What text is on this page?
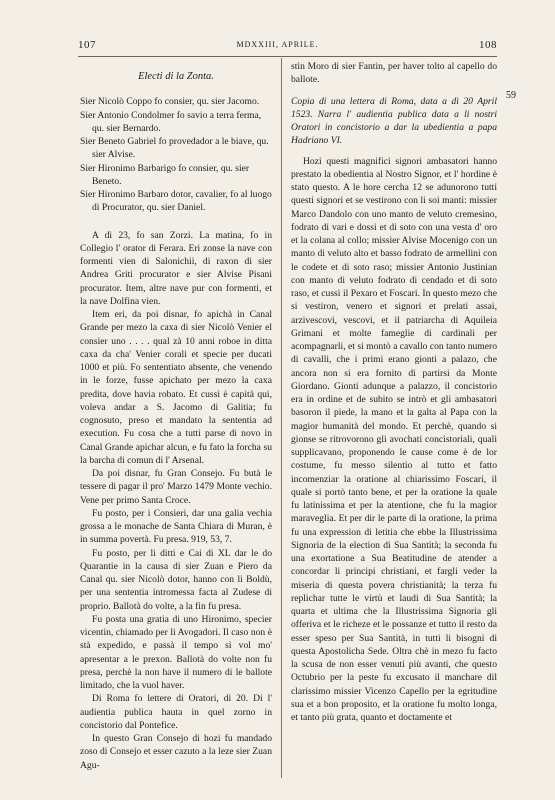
107	MDXXIII, APRILE.	108
59

Electi di la Zonta.

Sier Nicolò Coppo fo consier, qu. sier Jacomo.

Sier Antonio Condolmer fo savio a terra ferma, qu. sier Bernardo.

Sier Beneto Gabriel fo provedador a le biave, qu. sier Alvise.

Sier Hironimo Barbarigo fo consier, qu. sier Beneto.

Sier Hironimo Barbaro dotor, cavalier, fo al luogo di Procurator, qu. sier Daniel.

A dì 23, fo san Zorzi. La matina, fo in Collegio l' orator di Ferara. Eri zonse la nave con formenti vien di Salonichii, di raxon di sier Andrea Griti procurator e sier Alvise Pisani procurator. Item, altre nave pur con formenti, et la nave Dolfina vien.

Item eri, da poi disnar, fo apichà in Canal Grande per mezo la caxa di sier Nicolò Venier el consier uno . . . . qual zà 10 anni roboe in ditta caxa da cha' Venier corali et specie per ducati 1000 et più. Fo sententiato absente, che venendo in le forze, fusse apichato per mezo la caxa predita, dove havia robato. Et cussì è capità qui, voleva andar a S. Jacomo di Galitia; fu cognosuto, preso et mandato la sententia ad execution. Fu cosa che a tutti parse di novo in Canal Grande apichar alcun, e fu fato la forcha su la barcha di comun di l' Arsenal.

Da poi disnar, fu Gran Consejo. Fu butà le tessere di pagar il pro' Marzo 1479 Monte vechio. Vene per primo Santa Croce.

Fu posto, per i Consieri, dar una galia vechia grossa a le monache de Santa Chiara di Muran, è in summa povertà. Fu presa. 919, 53, 7.

Fu posto, per li ditti e Cai di XL dar le do Quarantie in la causa di sier Zuan e Piero da Canal qu. sier Nicolò dotor, hanno con li Boldù, per una sententia intromessa facta al Zudese di proprio. Ballotà do volte, a la fin fu presa.

Fu posta una gratia di uno Hironimo, specier vicentin, chiamado per li Avogadori. Il caso non è stà expedido, e passà il tempo sì vol mo' apresentar a le prexon. Ballotà do volte non fu presa, perchè la non have il numero di le ballote limitado, che la vuol haver.

Di Roma fo lettere di Oratori, di 20. Di l' audientia publica hauta in quel zorno in concistorio dal Pontefice.

In questo Gran Consejo di hozi fu mandado zoso di Consejo et esser cazuto a la leze sier Zuan Agu-

stin Moro di sier Fantin, per haver tolto al capello do ballote.

Copia di una lettera di Roma, data a dì 20 April 1523. Narra l' audientia publica data a li nostri Oratori in concistorio a dar la ubedientia a papa Hadriano VI.

Hozi questi magnifici signori ambasatori hanno prestato la obedientia al Nostro Signor, et l' hordine è stato questo. A le hore cercha 12 se adunorono tutti questi signori et se vestirono con li soi manti: missier Marco Dandolo con uno manto de veluto cremesino, fodrato di vari e dossi et di soto con una vesta d' oro et la colana al collo; missier Alvise Mocenigo con un manto di veluto alto et basso fodrato de armellini con le codete et di soto raso; missier Antonio Justinian con manto di veluto fodrato di cendado et di soto raso, et cussì il Pexaro et Foscari. In questo mezo che si vestiron, venero et signori et prelati assai, arzivescovi, vescovi, et il patriarcha di Aquileia Grimani et molte fameglie di cardinali per acompagnarli, et si montò a cavallo con tanto numero di cavalli, che i primi erano gionti a palazo, che ancora non si era fornito di partirsi da Monte Giordano. Gionti adunque a palazzo, il concistorio era in ordine et de subito se intrò et gli ambasatori basoron il piede, la mano et la galta al Papa con la magior humanità del mondo. Et perchè, quando si gionse se ritrovorono gli avochati concistoriali, quali supplicavano, proponendo le cause come è de lor costume, fu messo silentio al tutto et fatto incomenziar la oratione al chiarissimo Foscari, il quale si portò tanto bene, et per la oratione la quale fu latinissima et per la atentione, che fu la magior maraveglia. Et per dir le parte di la oratione, la prima fu una expression di letitia che ebbe la Illustrissima Signoria de la election di Sua Santità; la seconda fu una exortatione a Sua Beatitudine de atender a concordar li principi christiani, et fargli veder la miseria di questa povera christianità; la terza fu replichar tutte le virtù et laudi di Sua Santità; la quarta et ultima che la Illustrissima Signoria gli offeriva et le richeze et le possanze et tutto il resto da esser speso per Sua Santità, in tutti li bisogni di questa Apostolicha Sede. Oltra chè in mezo fu facto la scusa de non esser venuti più avanti, che questo Octubrio per la peste fu excusato il manchare dil clarissimo missier Vicenzo Capello per la egritudine sua et a bon proposito, et la oratione fu molto longa, et tanto più grata, quanto et doctamente et
